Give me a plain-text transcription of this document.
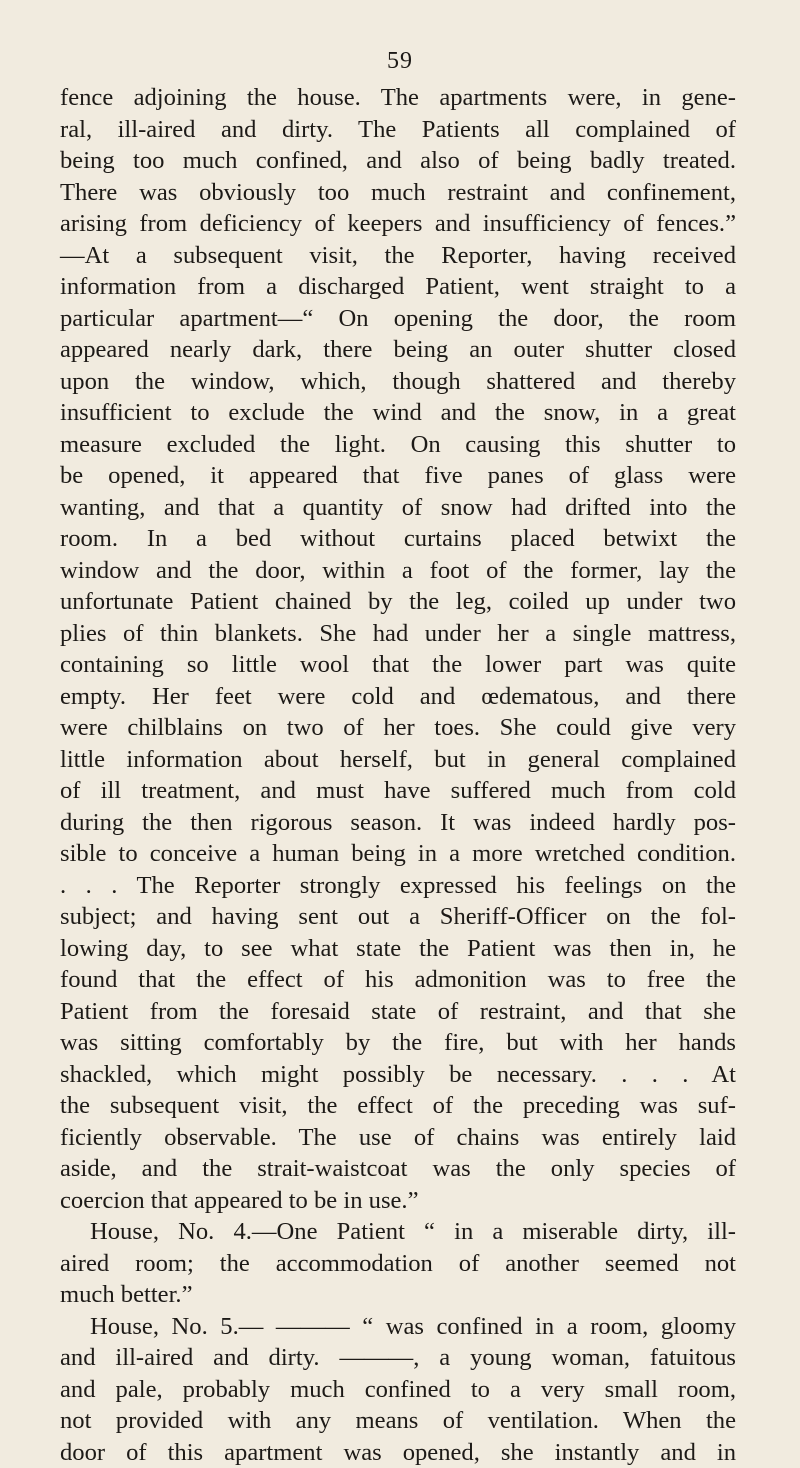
59
fence adjoining the house. The apartments were, in gene-
ral, ill-aired and dirty. The Patients all complained of
being too much confined, and also of being badly treated.
There was obviously too much restraint and confinement,
arising from deficiency of keepers and insufficiency of fences.”
—At a subsequent visit, the Reporter, having received
information from a discharged Patient, went straight to a
particular apartment—“ On opening the door, the room
appeared nearly dark, there being an outer shutter closed
upon the window, which, though shattered and thereby
insufficient to exclude the wind and the snow, in a great
measure excluded the light. On causing this shutter to
be opened, it appeared that five panes of glass were
wanting, and that a quantity of snow had drifted into the
room. In a bed without curtains placed betwixt the
window and the door, within a foot of the former, lay the
unfortunate Patient chained by the leg, coiled up under two
plies of thin blankets. She had under her a single mattress,
containing so little wool that the lower part was quite
empty. Her feet were cold and œdematous, and there
were chilblains on two of her toes. She could give very
little information about herself, but in general complained
of ill treatment, and must have suffered much from cold
during the then rigorous season. It was indeed hardly pos-
sible to conceive a human being in a more wretched condition.
. . . The Reporter strongly expressed his feelings on the
subject; and having sent out a Sheriff-Officer on the fol-
lowing day, to see what state the Patient was then in, he
found that the effect of his admonition was to free the
Patient from the foresaid state of restraint, and that she
was sitting comfortably by the fire, but with her hands
shackled, which might possibly be necessary. . . . At
the subsequent visit, the effect of the preceding was suf-
ficiently observable. The use of chains was entirely laid
aside, and the strait-waistcoat was the only species of
coercion that appeared to be in use.”
House, No. 4.—One Patient “ in a miserable dirty, ill-
aired room; the accommodation of another seemed not
much better.”
House, No. 5.— ——— “ was confined in a room, gloomy
and ill-aired and dirty. ———, a young woman, fatuitous
and pale, probably much confined to a very small room,
not provided with any means of ventilation. When the
door of this apartment was opened, she instantly and in
